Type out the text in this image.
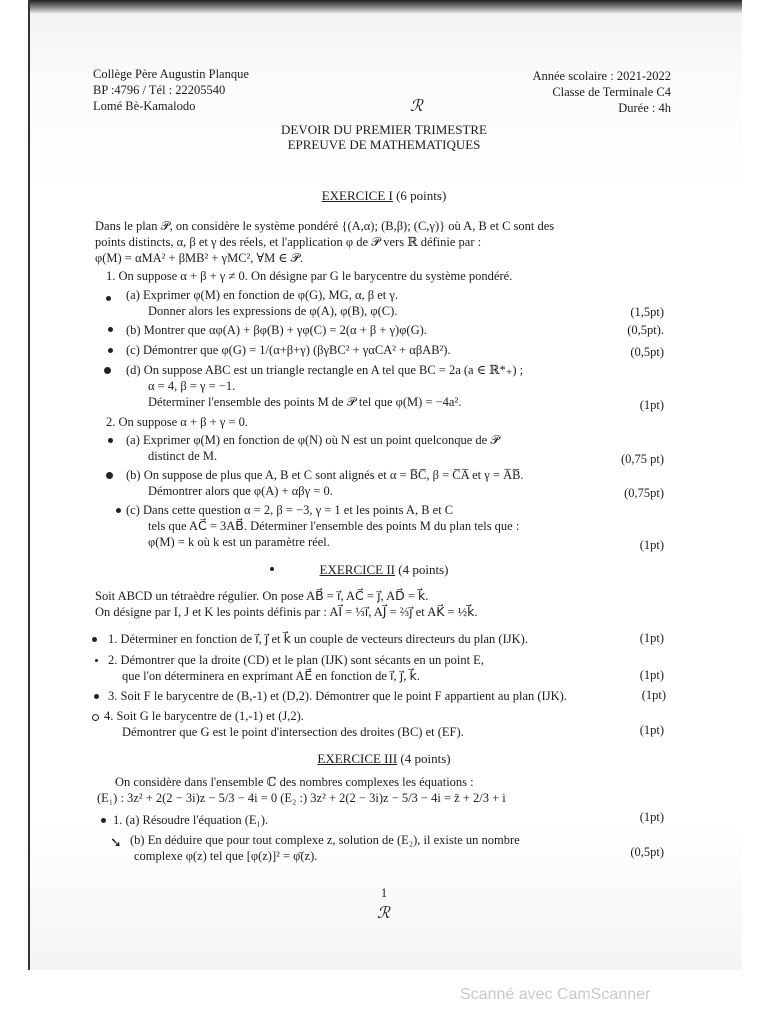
Collège Père Augustin Planque
BP :4796 / Tél : 22205540
Lomé Bè-Kamalodo
Année scolaire : 2021-2022
Classe de Terminale C4
Durée : 4h
ℛ
DEVOIR DU PREMIER TRIMESTRE
EPREUVE DE MATHEMATIQUES
EXERCICE I (6 points)
Dans le plan 𝒫, on considère le système pondéré {(A,α); (B,β); (C,γ)} où A, B et C sont des
points distincts, α, β et γ des réels, et l'application φ de 𝒫 vers ℝ définie par :
φ(M) = αMA² + βMB² + γMC², ∀M ∈ 𝒫.
1. On suppose α + β + γ ≠ 0. On désigne par G le barycentre du système pondéré.
(a) Exprimer φ(M) en fonction de φ(G), MG, α, β et γ.
Donner alors les expressions de φ(A), φ(B), φ(C).	(1,5pt)
(b) Montrer que αφ(A) + βφ(B) + γφ(C) = 2(α + β + γ)φ(G).	(0,5pt).
(c) Démontrer que φ(G) = 1/(α+β+γ) (βγBC² + γαCA² + αβAB²).	(0,5pt)
(d) On suppose ABC est un triangle rectangle en A tel que BC = 2a (a ∈ ℝ*₊) ;
α = 4, β = γ = −1.
Déterminer l'ensemble des points M de 𝒫 tel que φ(M) = −4a².	(1pt)
2. On suppose α + β + γ = 0.
(a) Exprimer φ(M) en fonction de φ(N) où N est un point quelconque de 𝒫
distinct de M.	(0,75 pt)
(b) On suppose de plus que A, B et C sont alignés et α = B̅C̅, β = C̅A̅ et γ = A̅B̅.
Démontrer alors que φ(A) + αβγ = 0.	(0,75pt)
(c) Dans cette question α = 2, β = −3, γ = 1 et les points A, B et C
tels que AC⃗ = 3AB⃗. Déterminer l'ensemble des points M du plan tels que :
φ(M) = k où k est un paramètre réel.	(1pt)
EXERCICE II (4 points)
Soit ABCD un tétraèdre régulier. On pose AB⃗ = i⃗, AC⃗ = j⃗, AD⃗ = k⃗.
On désigne par I, J et K les points définis par : AI⃗ = ⅓i⃗, AJ⃗ = ⅔j⃗ et AK⃗ = ½k⃗.
1. Déterminer en fonction de i⃗, j⃗ et k⃗ un couple de vecteurs directeurs du plan (IJK).	(1pt)
2. Démontrer que la droite (CD) et le plan (IJK) sont sécants en un point E,
que l'on déterminera en exprimant AE⃗ en fonction de i⃗, j⃗, k⃗.	(1pt)
3. Soit F le barycentre de (B,-1) et (D,2). Démontrer que le point F appartient au plan (IJK).	(1pt)
4. Soit G le barycentre de (1,-1) et (J,2).
Démontrer que G est le point d'intersection des droites (BC) et (EF).	(1pt)
EXERCICE III (4 points)
On considère dans l'ensemble ℂ des nombres complexes les équations :
(E₁) : 3z² + 2(2 − 3i)z − 5/3 − 4i = 0 (E₂ :) 3z² + 2(2 − 3i)z − 5/3 − 4i = z̄ + 2/3 + i
1. (a) Résoudre l'équation (E₁).	(1pt)
➘ (b) En déduire que pour tout complexe z, solution de (E₂), il existe un nombre
complexe φ(z) tel que [φ(z)]² = φ̄(z).	(0,5pt)
1
ℛ
Scanné avec CamScanner
